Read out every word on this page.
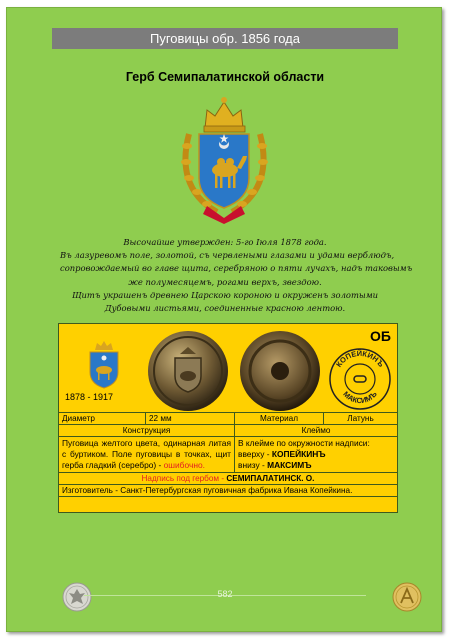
Пуговицы обр. 1856 года
Герб Семипалатинской области
Высочайше утвержден: 5-го Іюля 1878 года.
Въ лазуревомъ поле, золотой, съ червлеными глазами и удами верблюдъ,
сопровождаемый во главе щита, серебряною о пяти лучахъ, надъ таковымъ
же полумесяцемъ, рогами верхъ, звездою.
Щитъ украшенъ древнею Царскою короною и окруженъ золотыми
Дубовыми листьями, соединенные красною лентою.
ОБ
1878 - 1917
КОПЕЙКИНЪ
МАКСИМЪ
Диаметр	22 мм	Материал	Латунь
Конструкция		Клеймо	
Пуговица желтого цвета, одинарная литая с буртиком. Поле пуговицы в точках, щит герба гладкий (серебро) - ошибочно.		В клейме по окружности надписи:
вверху - КОПЕЙКИНЪ
внизу - МАКСИМЪ	

Надпись под гербом - СЕМИПАЛАТИНСК. О.			
Изготовитель - Санкт-Петербургская пуговичная фабрика Ивана Копейкина.			
582
